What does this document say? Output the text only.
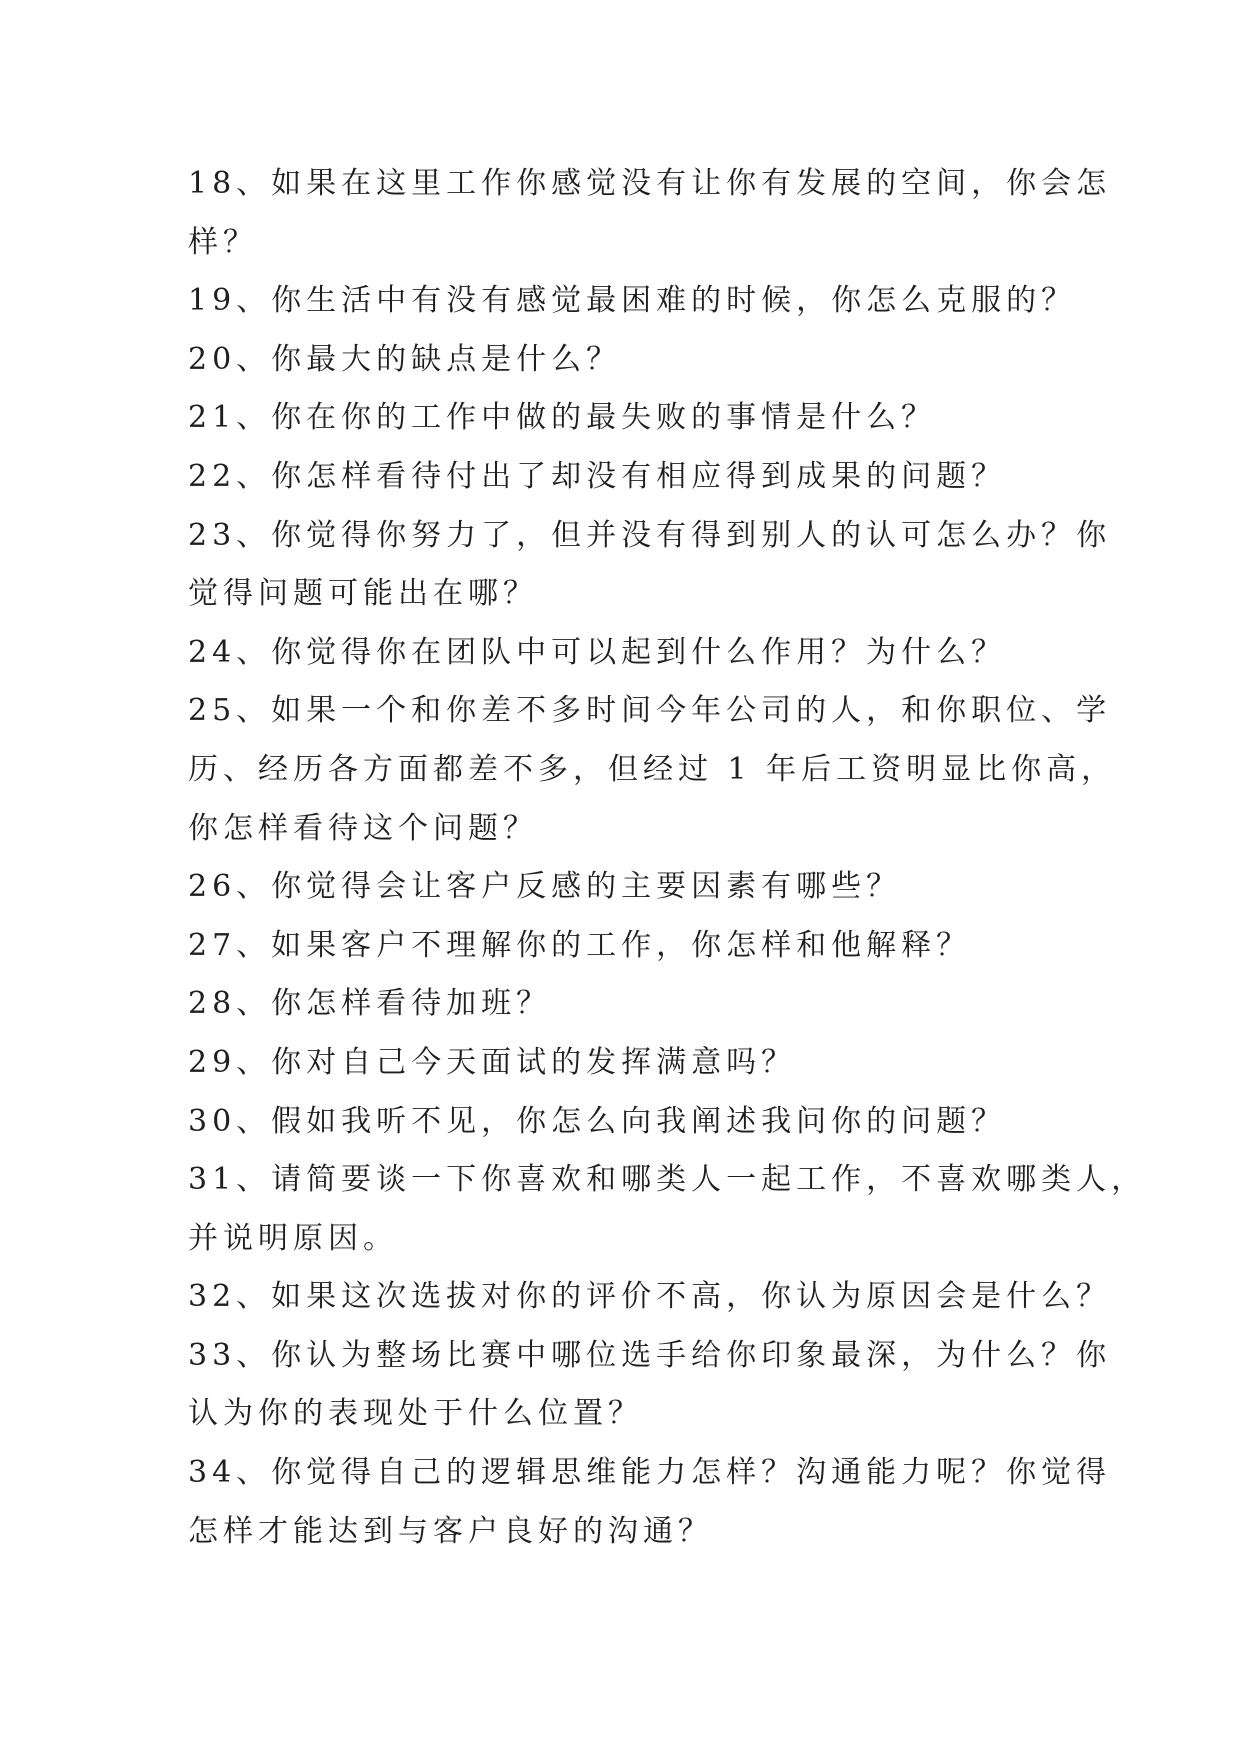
18、如果在这里工作你感觉没有让你有发展的空间，你会怎

样？

19、你生活中有没有感觉最困难的时候，你怎么克服的？

20、你最大的缺点是什么？

21、你在你的工作中做的最失败的事情是什么？

22、你怎样看待付出了却没有相应得到成果的问题？

23、你觉得你努力了，但并没有得到别人的认可怎么办？你

觉得问题可能出在哪？

24、你觉得你在团队中可以起到什么作用？为什么？

25、如果一个和你差不多时间今年公司的人，和你职位、学

历、经历各方面都差不多，但经过 1 年后工资明显比你高，

你怎样看待这个问题？

26、你觉得会让客户反感的主要因素有哪些？

27、如果客户不理解你的工作，你怎样和他解释？

28、你怎样看待加班？

29、你对自己今天面试的发挥满意吗？

30、假如我听不见，你怎么向我阐述我问你的问题？

31、请简要谈一下你喜欢和哪类人一起工作，不喜欢哪类人，

并说明原因。

32、如果这次选拔对你的评价不高，你认为原因会是什么？

33、你认为整场比赛中哪位选手给你印象最深，为什么？你

认为你的表现处于什么位置？

34、你觉得自己的逻辑思维能力怎样？沟通能力呢？你觉得

怎样才能达到与客户良好的沟通？
